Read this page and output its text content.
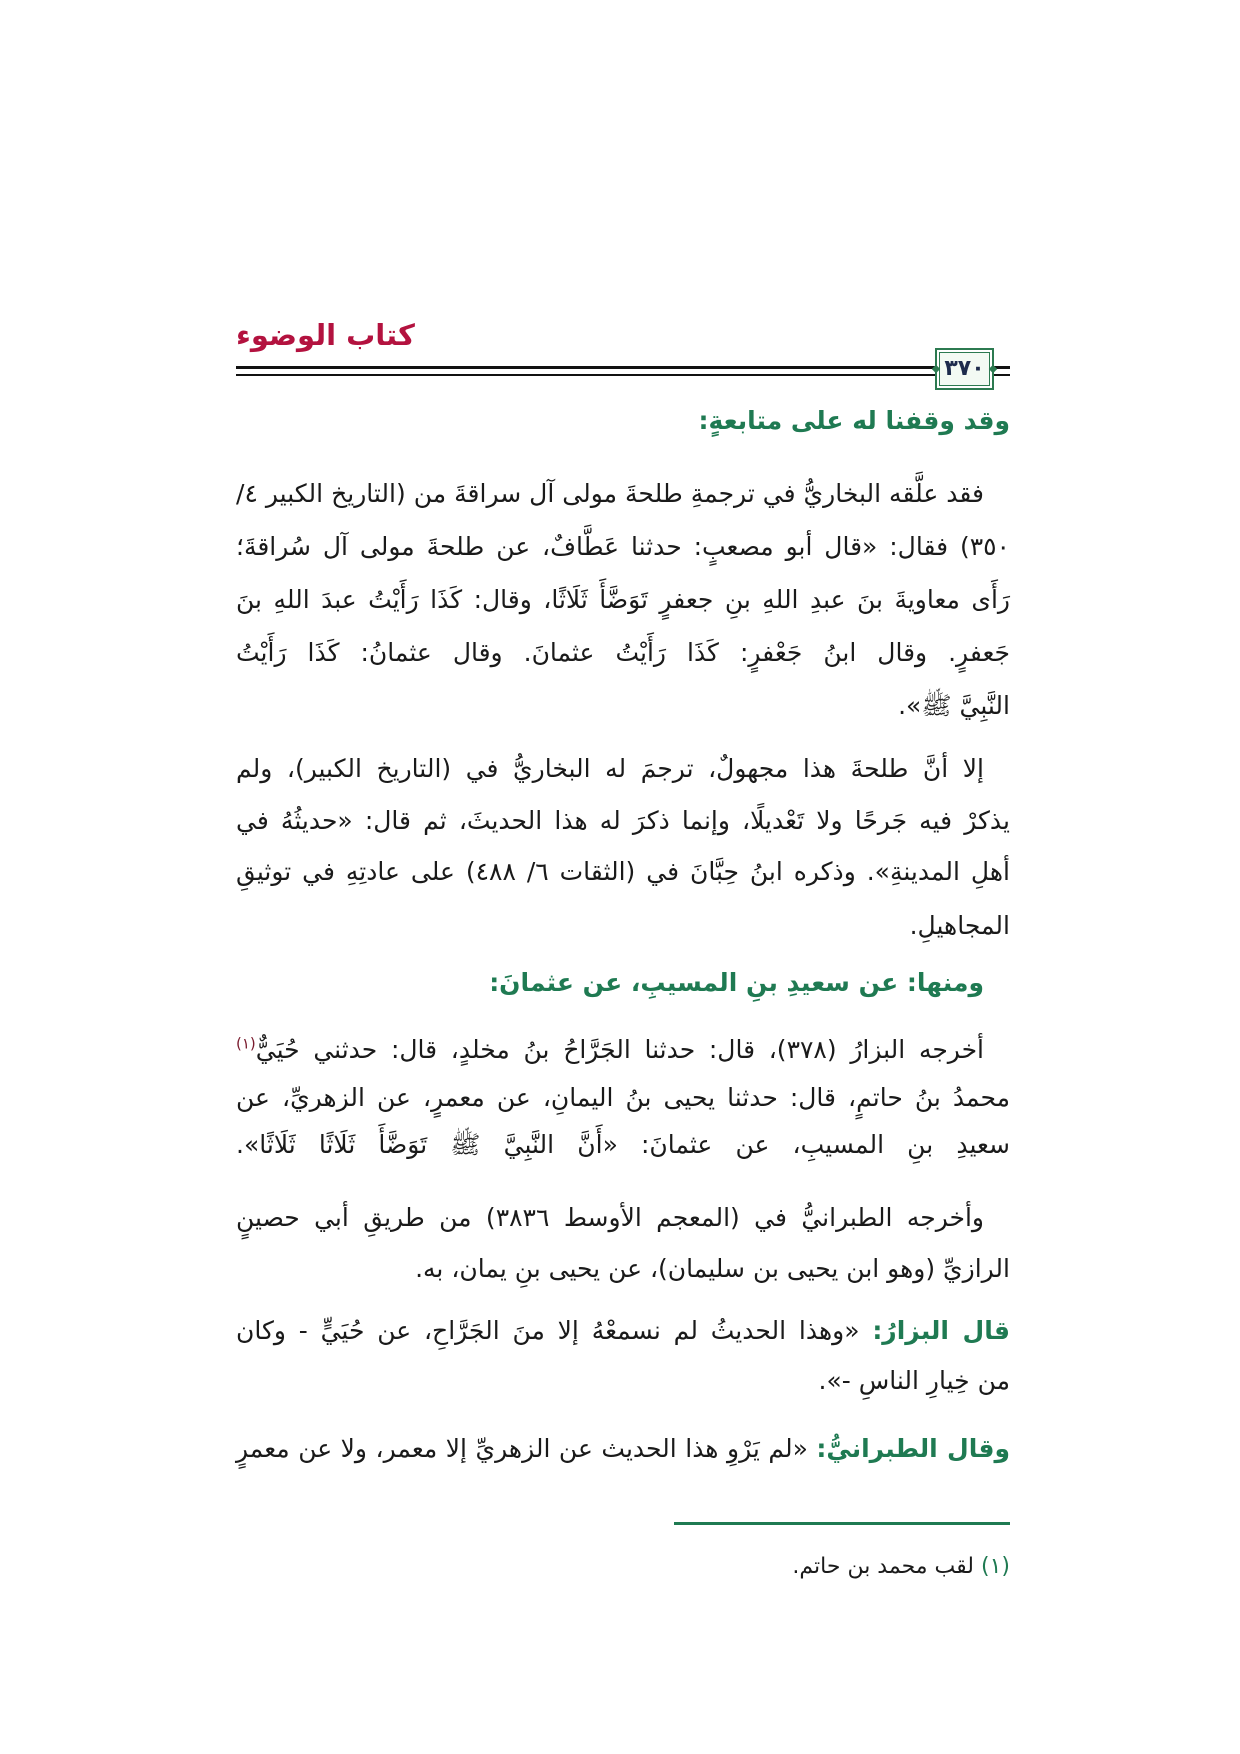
كتاب الوضوء
٣٧٠
وقد وقفنا له على متابعةٍ:
فقد علَّقه البخاريُّ في ترجمةِ طلحةَ مولى آل سراقةَ من (التاريخ الكبير ٤/
٣٥٠) فقال: «قال أبو مصعبٍ: حدثنا عَطَّافٌ، عن طلحةَ مولى آل سُراقةَ؛
رَأَى معاويةَ بنَ عبدِ اللهِ بنِ جعفرٍ تَوَضَّأَ ثَلَاثًا، وقال: كَذَا رَأَيْتُ عبدَ اللهِ بنَ
جَعفرٍ. وقال ابنُ جَعْفرٍ: كَذَا رَأَيْتُ عثمانَ. وقال عثمانُ: كَذَا رَأَيْتُ
النَّبِيَّ ﷺ».
إلا أنَّ طلحةَ هذا مجهولٌ، ترجمَ له البخاريُّ في (التاريخ الكبير)، ولم
يذكرْ فيه جَرحًا ولا تَعْديلًا، وإنما ذكرَ له هذا الحديثَ، ثم قال: «حديثُهُ في
أهلِ المدينةِ». وذكره ابنُ حِبَّانَ في (الثقات ٦/ ٤٨٨) على عادتِهِ في توثيقِ
المجاهيلِ.
ومنها: عن سعيدِ بنِ المسيبِ، عن عثمانَ:
أخرجه البزارُ (٣٧٨)، قال: حدثنا الجَرَّاحُ بنُ مخلدٍ، قال: حدثني حُيَيٌّ$^{(١)}$
محمدُ بنُ حاتمٍ، قال: حدثنا يحيى بنُ اليمانِ، عن معمرٍ، عن الزهريِّ، عن
سعيدِ بنِ المسيبِ، عن عثمانَ: «أَنَّ النَّبِيَّ ﷺ تَوَضَّأَ ثَلَاثًا ثَلَاثًا».
وأخرجه الطبرانيُّ في (المعجم الأوسط ٣٨٣٦) من طريقِ أبي حصينٍ
الرازيِّ (وهو ابن يحيى بن سليمان)، عن يحيى بنِ يمان، به.
قال البزارُ: «وهذا الحديثُ لم نسمعْهُ إلا منَ الجَرَّاحِ، عن حُيَيٍّ - وكان
من خِيارِ الناسِ -».
وقال الطبرانيُّ: «لم يَرْوِ هذا الحديث عن الزهريِّ إلا معمر، ولا عن معمرٍ
(١) لقب محمد بن حاتم.
